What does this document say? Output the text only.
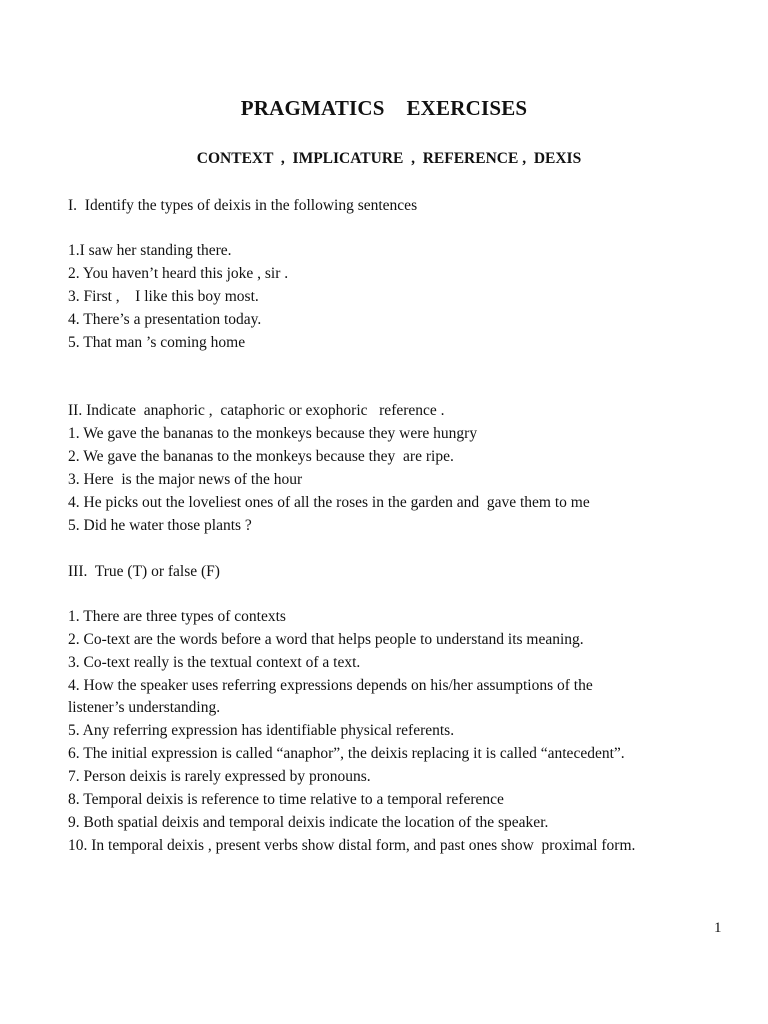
PRAGMATICS    EXERCISES
CONTEXT  ,  IMPLICATURE  ,  REFERENCE ,  DEXIS
I.  Identify the types of deixis in the following sentences
1.I saw her standing there.
2. You haven’t heard this joke , sir .
3. First ,    I like this boy most.
4. There’s a presentation today.
5. That man ’s coming home
II. Indicate  anaphoric ,  cataphoric or exophoric   reference .
1. We gave the bananas to the monkeys because they were hungry
2. We gave the bananas to the monkeys because they  are ripe.
3. Here  is the major news of the hour
4. He picks out the loveliest ones of all the roses in the garden and  gave them to me
5. Did he water those plants ?
III.  True (T) or false (F)
1. There are three types of contexts
2. Co-text are the words before a word that helps people to understand its meaning.
3. Co-text really is the textual context of a text.
4. How the speaker uses referring expressions depends on his/her assumptions of the
listener’s understanding.
5. Any referring expression has identifiable physical referents.
6. The initial expression is called “anaphor”, the deixis replacing it is called “antecedent”.
7. Person deixis is rarely expressed by pronouns.
8. Temporal deixis is reference to time relative to a temporal reference
9. Both spatial deixis and temporal deixis indicate the location of the speaker.
10. In temporal deixis , present verbs show distal form, and past ones show  proximal form.
1
